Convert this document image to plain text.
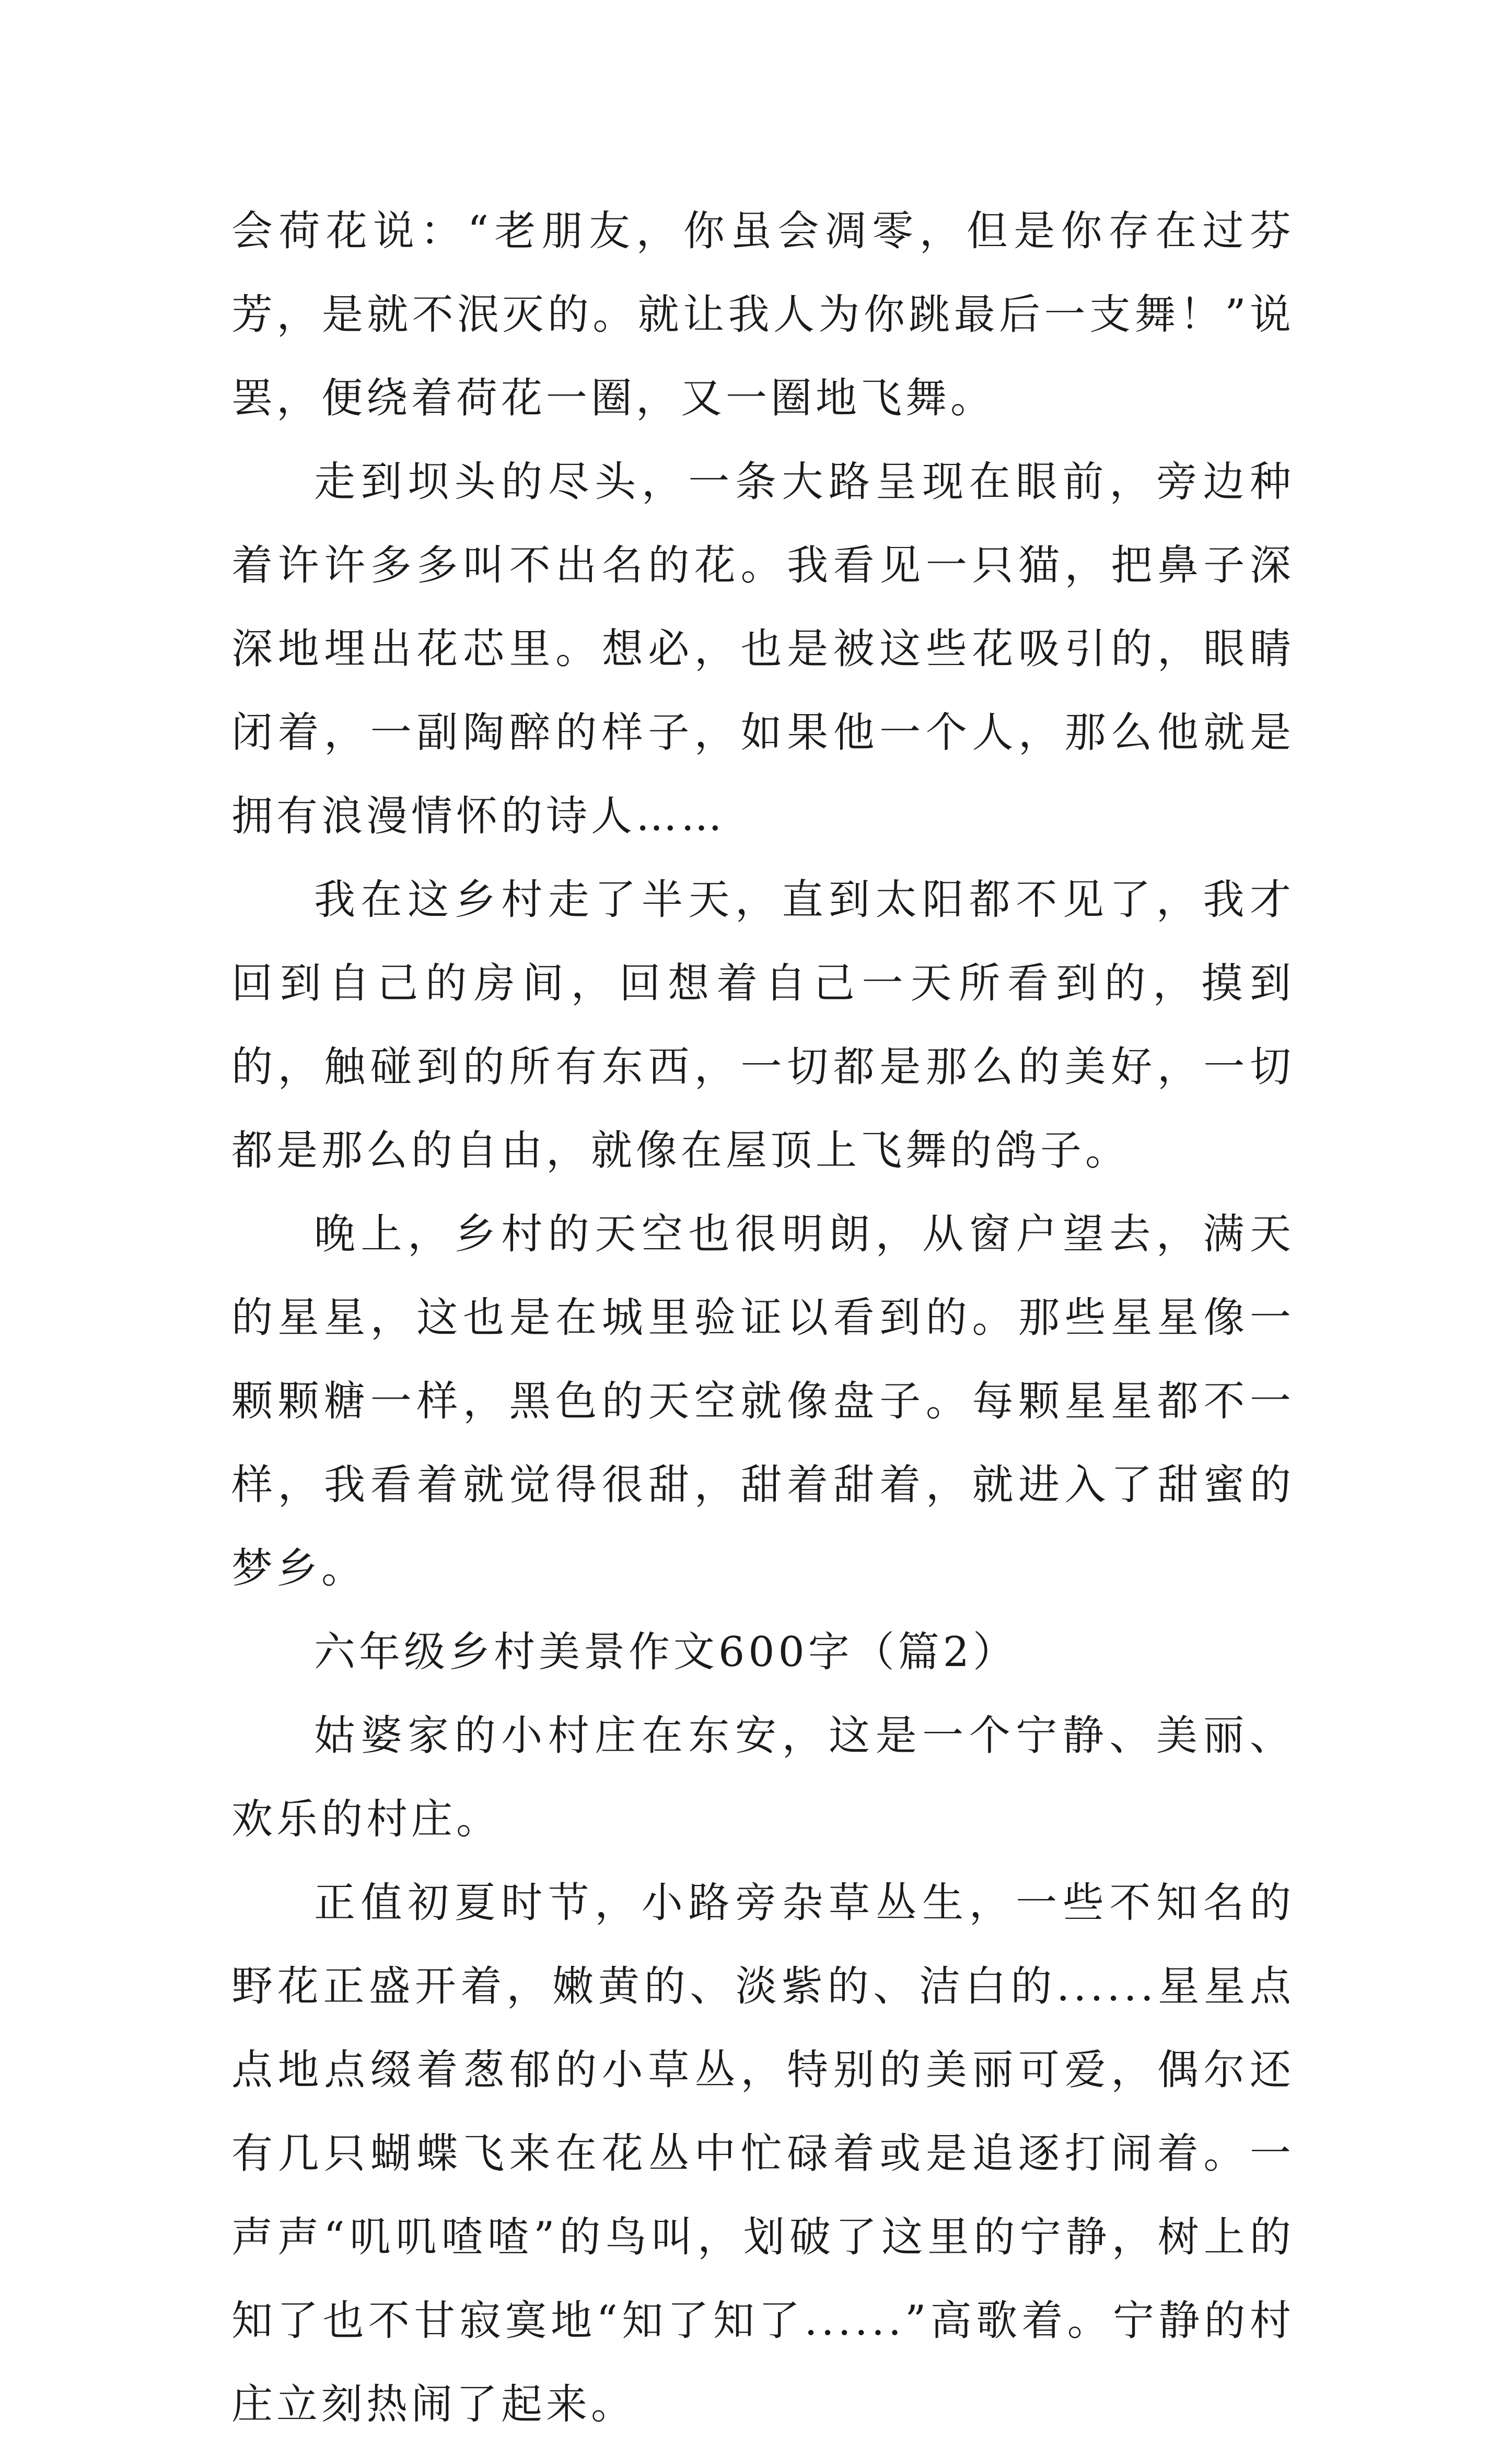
会荷花说：“老朋友，你虽会凋零，但是你存在过芬芳，是就不泯灭的。就让我人为你跳最后一支舞！”说罢，便绕着荷花一圈，又一圈地飞舞。

走到坝头的尽头，一条大路呈现在眼前，旁边种着许许多多叫不出名的花。我看见一只猫，把鼻子深深地埋出花芯里。想必，也是被这些花吸引的，眼睛闭着，一副陶醉的样子，如果他一个人，那么他就是拥有浪漫情怀的诗人……

我在这乡村走了半天，直到太阳都不见了，我才回到自己的房间，回想着自己一天所看到的，摸到的，触碰到的所有东西，一切都是那么的美好，一切都是那么的自由，就像在屋顶上飞舞的鸽子。

晚上，乡村的天空也很明朗，从窗户望去，满天的星星，这也是在城里验证以看到的。那些星星像一颗颗糖一样，黑色的天空就像盘子。每颗星星都不一样，我看着就觉得很甜，甜着甜着，就进入了甜蜜的梦乡。

六年级乡村美景作文600字（篇2）

姑婆家的小村庄在东安，这是一个宁静、美丽、欢乐的村庄。

正值初夏时节，小路旁杂草丛生，一些不知名的野花正盛开着，嫩黄的、淡紫的、洁白的......星星点点地点缀着葱郁的小草丛，特别的美丽可爱，偶尔还有几只蝴蝶飞来在花丛中忙碌着或是追逐打闹着。一声声“叽叽喳喳”的鸟叫，划破了这里的宁静，树上的知了也不甘寂寞地“知了知了......”高歌着。宁静的村庄立刻热闹了起来。
